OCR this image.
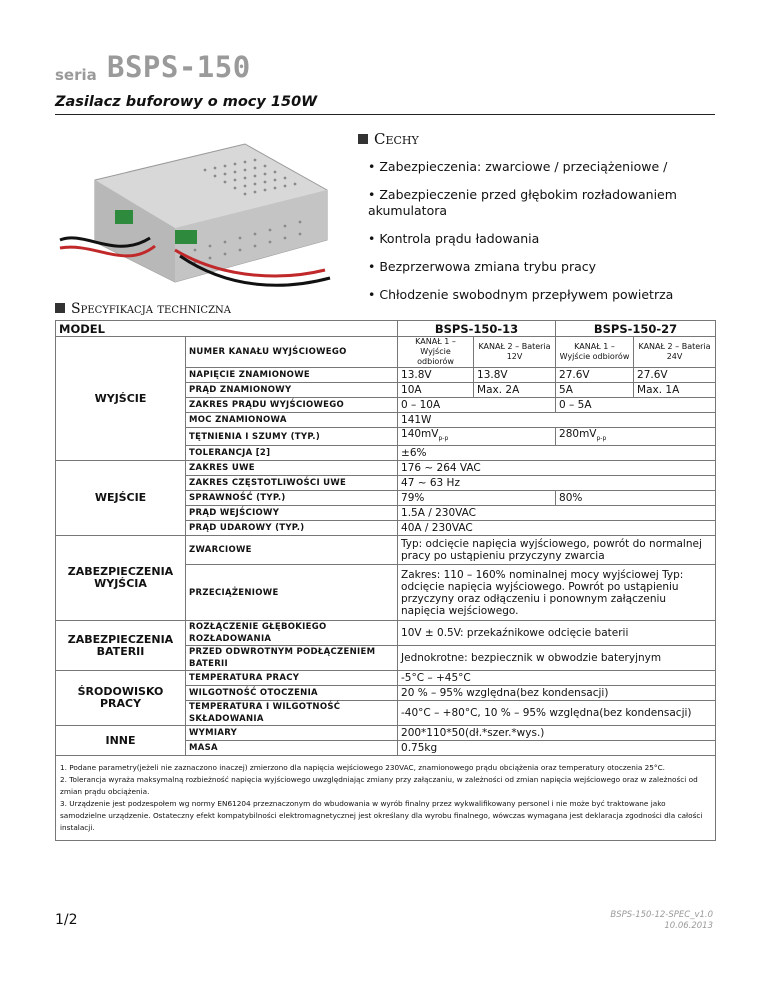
seria BSPS-150
Zasilacz buforowy o mocy 150W
Cechy
• Zabezpieczenia: zwarciowe / przeciążeniowe /
• Zabezpieczenie przed głębokim rozładowaniem akumulatora
• Kontrola prądu ładowania
• Bezprzerwowa zmiana trybu pracy
• Chłodzenie swobodnym przepływem powietrza
Specyfikacja techniczna
MODEL		BSPS-150-13		BSPS-150-27	
WYJŚCIE	NUMER KANAŁU WYJŚCIOWEGO	KANAŁ 1 – Wyjście odbiorów	KANAŁ 2 – Bateria 12V	KANAŁ 1 – Wyjście odbiorów	KANAŁ 2 – Bateria 24V
	NAPIĘCIE ZNAMIONOWE	13.8V	13.8V	27.6V	27.6V
	PRĄD ZNAMIONOWY	10A	Max. 2A	5A	Max. 1A
	ZAKRES PRĄDU WYJŚCIOWEGO	0 – 10A		0 – 5A	
	MOC ZNAMIONOWA	141W			
	TĘTNIENIA I SZUMY (TYP.)	$140mV_{p-p}$		$280mV_{p-p}$
	TOLERANCJA [2]	±6%			
WEJŚCIE	ZAKRES UWE	176 ~ 264 VAC			
	ZAKRES CZĘSTOTLIWOŚCI UWE	47 ~ 63 Hz			
	SPRAWNOŚĆ (TYP.)	79%		80%	
	PRĄD WEJŚCIOWY	1.5A / 230VAC			
	PRĄD UDAROWY (TYP.)	40A / 230VAC			
ZABEZPIECZENIA WYJŚCIA	ZWARCIOWE	Typ: odcięcie napięcia wyjściowego, powrót do normalnej pracy po ustąpieniu przyczyny zwarcia			
	PRZECIĄŻENIOWE	Zakres: 110 – 160% nominalnej mocy wyjściowej Typ: odcięcie napięcia wyjściowego. Powrót po ustąpieniu przyczyny oraz odłączeniu i ponownym załączeniu napięcia wejściowego.			
ZABEZPIECZENIA BATERII	ROZŁĄCZENIE GŁĘBOKIEGO ROZŁADOWANIA	10V ± 0.5V: przekaźnikowe odcięcie baterii			
	PRZED ODWROTNYM PODŁĄCZENIEM BATERII	Jednokrotne: bezpiecznik w obwodzie bateryjnym			
ŚRODOWISKO PRACY	TEMPERATURA PRACY	-5°C – +45°C			
	WILGOTNOŚĆ OTOCZENIA	20 % – 95% względna(bez kondensacji)			
	TEMPERATURA I WILGOTNOŚĆ SKŁADOWANIA	-40°C – +80°C, 10 % – 95% względna(bez kondensacji)			
INNE	WYMIARY	200*110*50(dł.*szer.*wys.)			
	MASA	0.75kg			

1. Podane parametry(jeżeli nie zaznaczono inaczej) zmierzono dla napięcia wejściowego 230VAC, znamionowego prądu obciążenia oraz temperatury otoczenia 25°C.
2. Tolerancja wyraża maksymalną rozbieżność napięcia wyjściowego uwzględniając zmiany przy załączaniu, w zależności od zmian napięcia wejściowego oraz w zależności od zmian prądu obciążenia.
3. Urządzenie jest podzespołem wg normy EN61204 przeznaczonym do wbudowania w wyrób finalny przez wykwalifikowany personel i nie może być traktowane jako samodzielne urządzenie. Ostateczny efekt kompatybilności elektromagnetycznej jest określany dla wyrobu finalnego, wówczas wymagana jest deklaracja zgodności dla całości instalacji.					
1/2	BSPS-150-12-SPEC_v1.0
10.06.2013
